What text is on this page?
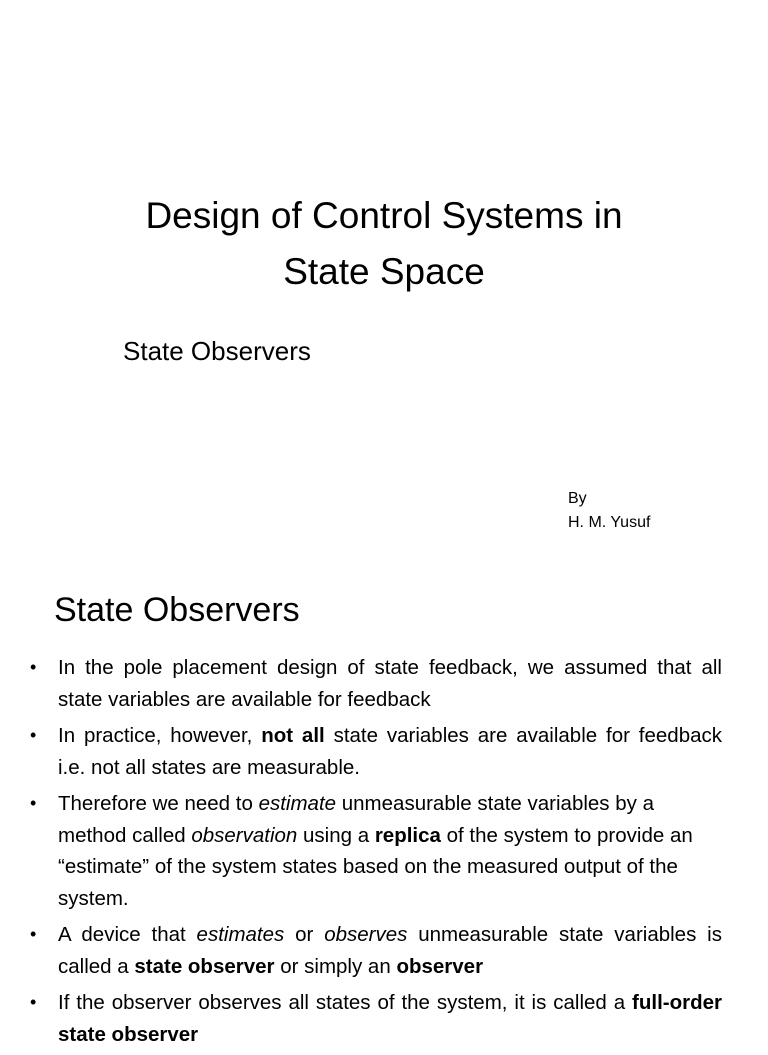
Design of Control Systems in
State Space

State Observers

By
H. M. Yusuf
State Observers
• In the pole placement design of state feedback, we assumed that all state variables are available for feedback
• In practice, however, not all state variables are available for feedback i.e. not all states are measurable.
• Therefore we need to estimate unmeasurable state variables by a method called observation using a replica of the system to provide an “estimate” of the system states based on the measured output of the system.
• A device that estimates or observes unmeasurable state variables is called a state observer or simply an observer
• If the observer observes all states of the system, it is called a full-order state observer
